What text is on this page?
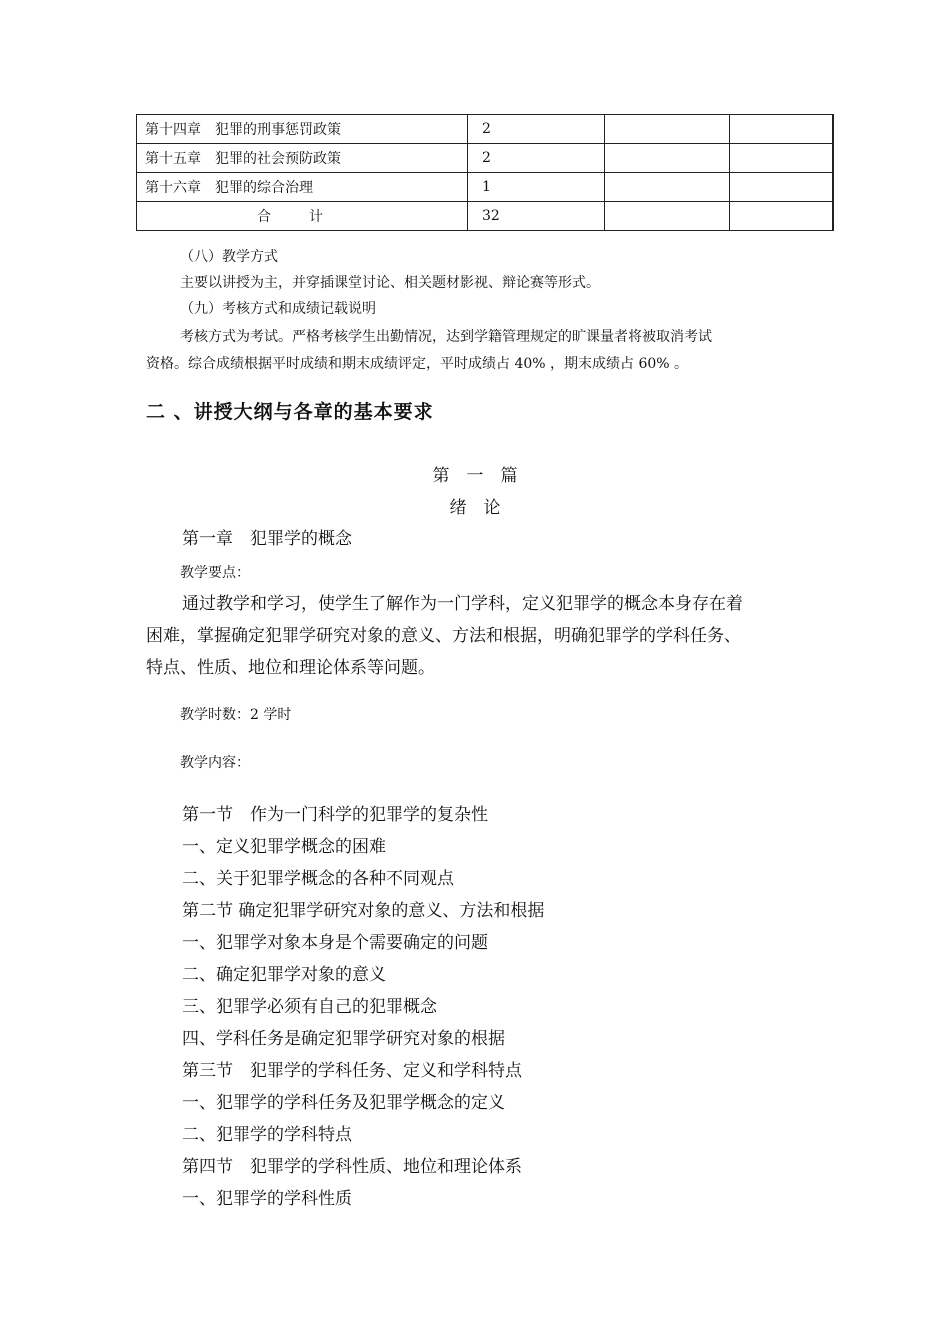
第十四章　犯罪的刑事惩罚政策	2		
第十五章　犯罪的社会预防政策	2		
第十六章　犯罪的综合治理	1		
合 计	32		
（八）教学方式
主要以讲授为主，并穿插课堂讨论、相关题材影视、辩论赛等形式。
（九）考核方式和成绩记载说明
考核方式为考试。严格考核学生出勤情况，达到学籍管理规定的旷课量者将被取消考试
资格。综合成绩根据平时成绩和期末成绩评定，平时成绩占 40% ，期末成绩占 60% 。
二 、讲授大纲与各章的基本要求
第　一　篇
绪　论
第一章　犯罪学的概念
教学要点：
通过教学和学习，使学生了解作为一门学科，定义犯罪学的概念本身存在着
困难，掌握确定犯罪学研究对象的意义、方法和根据，明确犯罪学的学科任务、
特点、性质、地位和理论体系等问题。
教学时数：2 学时
教学内容：
第一节　作为一门科学的犯罪学的复杂性
一、定义犯罪学概念的困难
二、关于犯罪学概念的各种不同观点
第二节 确定犯罪学研究对象的意义、方法和根据
一、犯罪学对象本身是个需要确定的问题
二、确定犯罪学对象的意义
三、犯罪学必须有自己的犯罪概念
四、学科任务是确定犯罪学研究对象的根据
第三节　犯罪学的学科任务、定义和学科特点
一、犯罪学的学科任务及犯罪学概念的定义
二、犯罪学的学科特点
第四节　犯罪学的学科性质、地位和理论体系
一、犯罪学的学科性质
